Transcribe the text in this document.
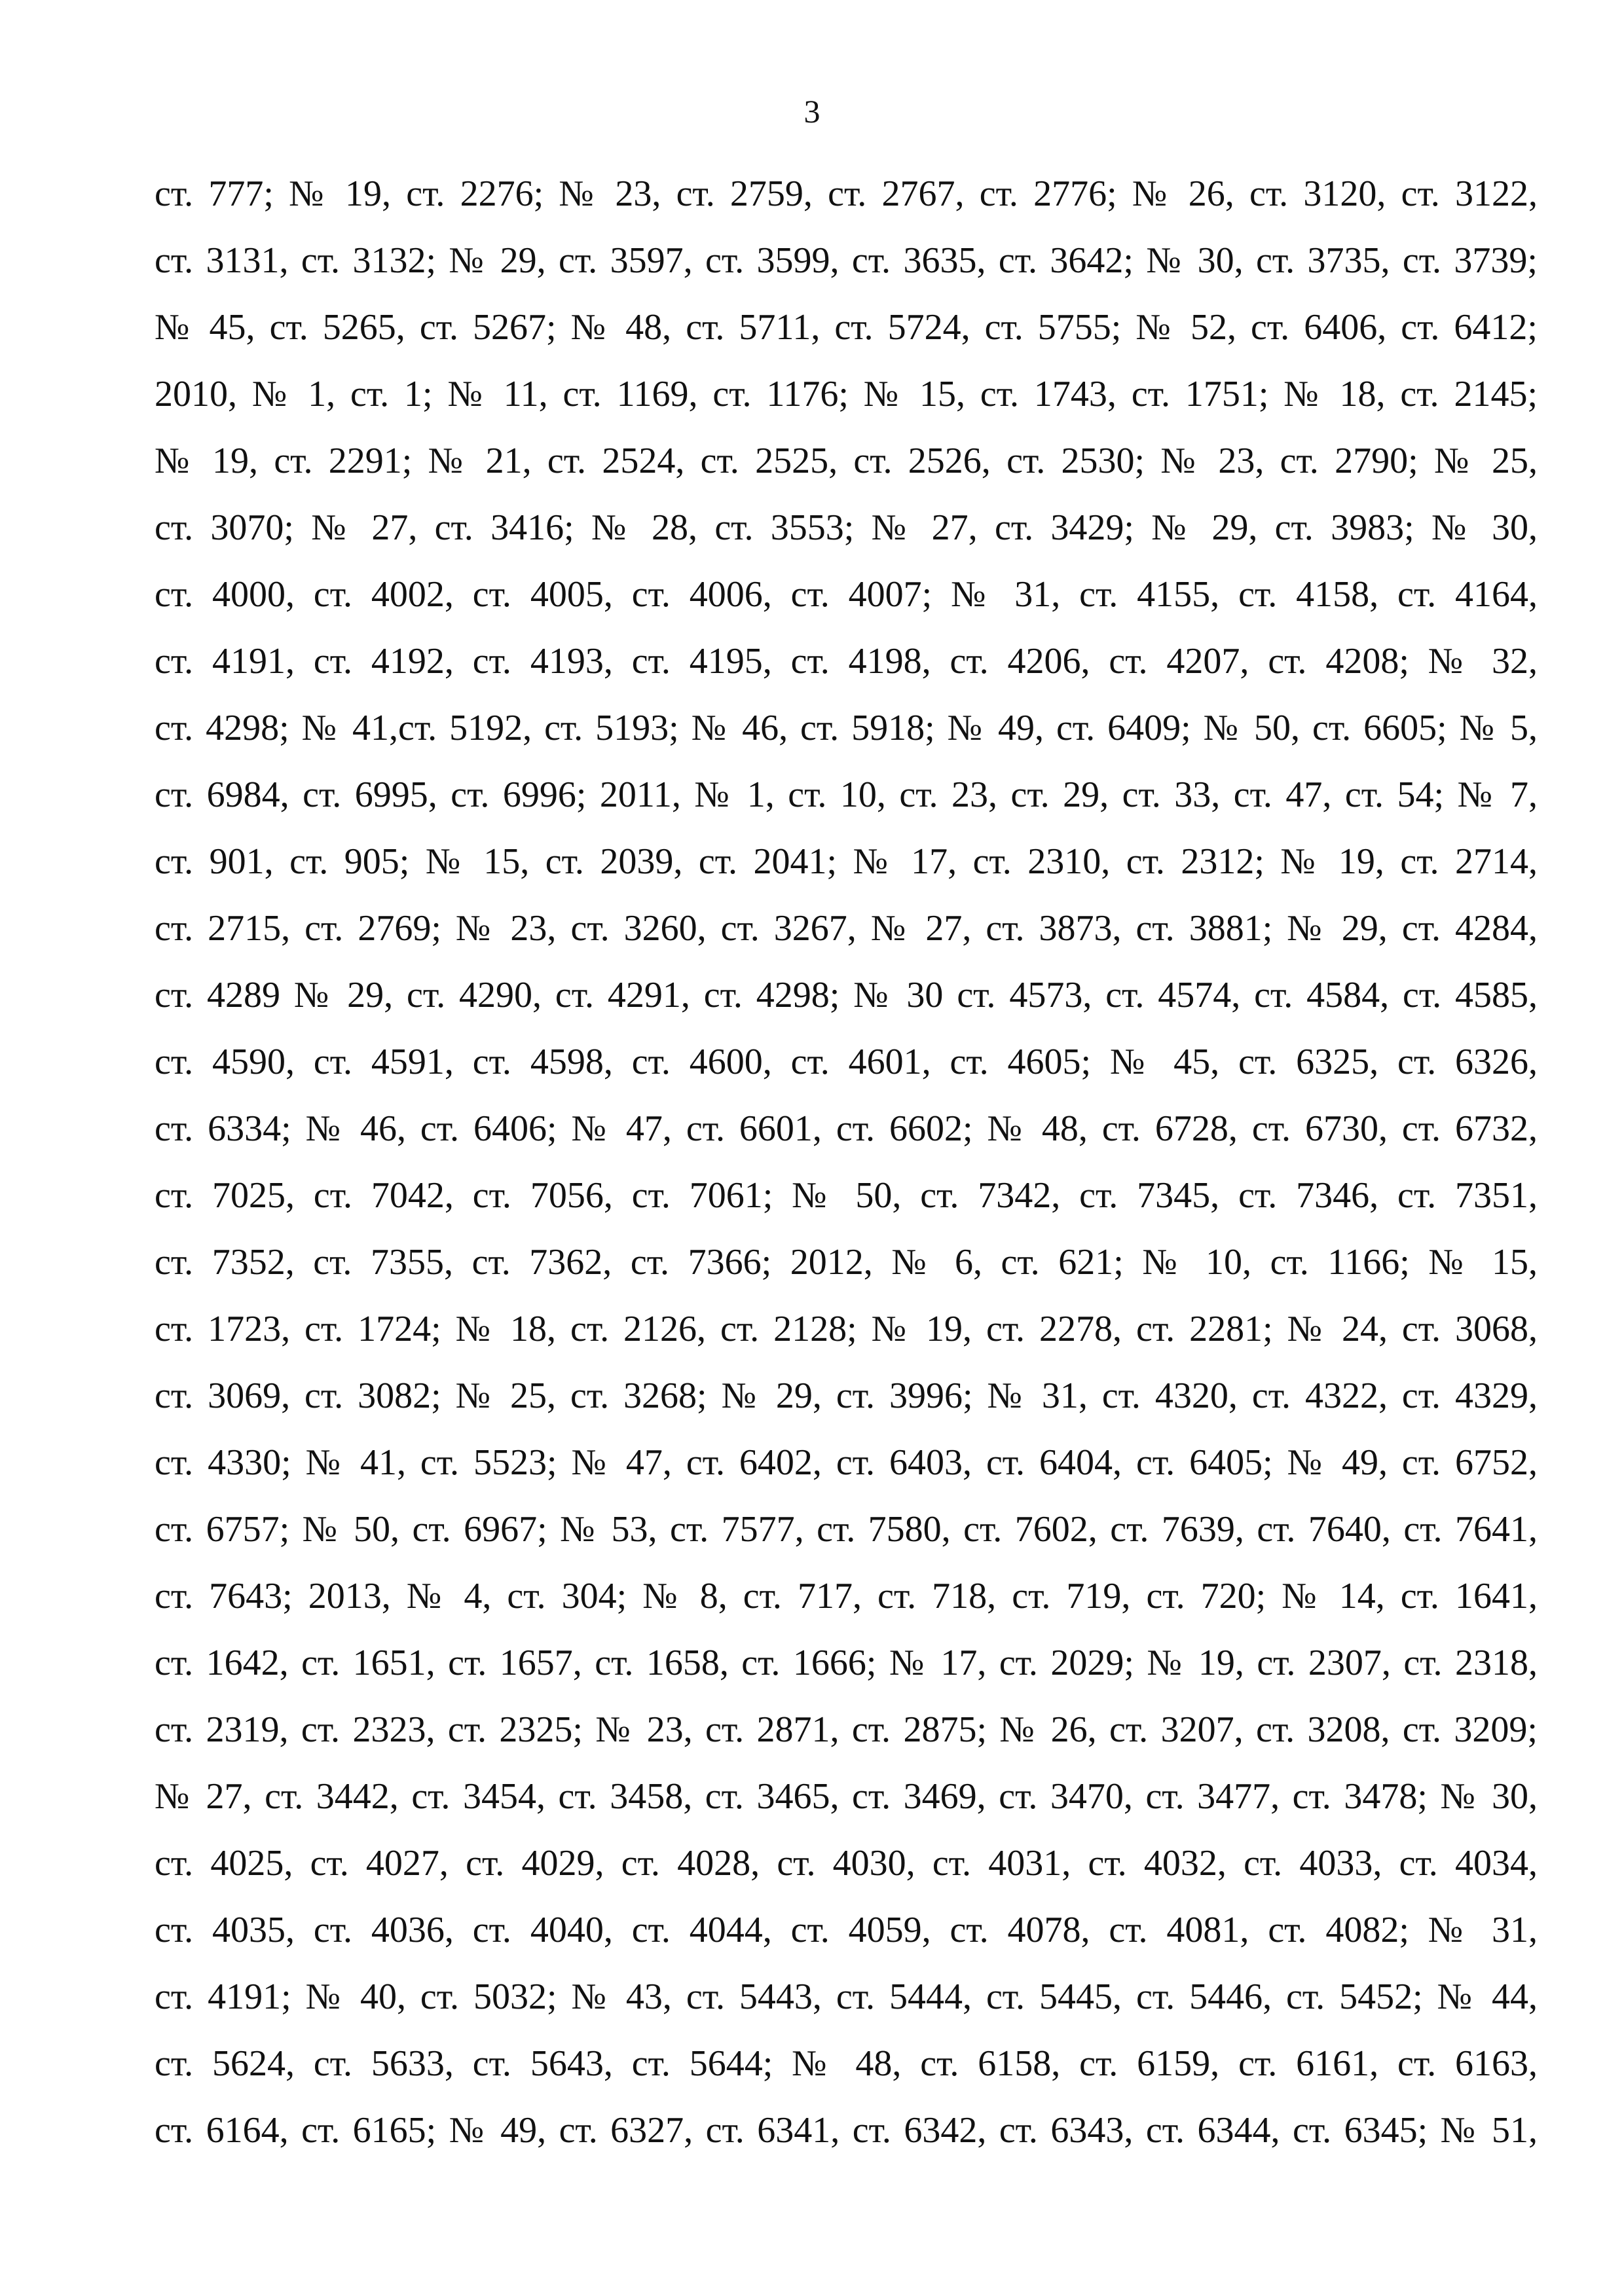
3
ст. 777; № 19, ст. 2276; № 23, ст. 2759, ст. 2767, ст. 2776; № 26, ст. 3120, ст. 3122,
ст. 3131, ст. 3132; № 29, ст. 3597, ст. 3599, ст. 3635, ст. 3642; № 30, ст. 3735, ст. 3739;
№ 45, ст. 5265, ст. 5267; № 48, ст. 5711, ст. 5724, ст. 5755; № 52, ст. 6406, ст. 6412;
2010, № 1, ст. 1; № 11, ст. 1169, ст. 1176; № 15, ст. 1743, ст. 1751; № 18, ст. 2145;
№ 19, ст. 2291; № 21, ст. 2524, ст. 2525, ст. 2526, ст. 2530; № 23, ст. 2790; № 25,
ст. 3070; № 27, ст. 3416; № 28, ст. 3553; № 27, ст. 3429; № 29, ст. 3983; № 30,
ст. 4000, ст. 4002, ст. 4005, ст. 4006, ст. 4007; № 31, ст. 4155, ст. 4158, ст. 4164,
ст. 4191, ст. 4192, ст. 4193, ст. 4195, ст. 4198, ст. 4206, ст. 4207, ст. 4208; № 32,
ст. 4298; № 41,ст. 5192, ст. 5193; № 46, ст. 5918; № 49, ст. 6409; № 50, ст. 6605; № 5,
ст. 6984, ст. 6995, ст. 6996; 2011, № 1, ст. 10, ст. 23, ст. 29, ст. 33, ст. 47, ст. 54; № 7,
ст. 901, ст. 905; № 15, ст. 2039, ст. 2041; № 17, ст. 2310, ст. 2312; № 19, ст. 2714,
ст. 2715, ст. 2769; № 23, ст. 3260, ст. 3267, № 27, ст. 3873, ст. 3881; № 29, ст. 4284,
ст. 4289 № 29, ст. 4290, ст. 4291, ст. 4298; № 30 ст. 4573, ст. 4574, ст. 4584, ст. 4585,
ст. 4590, ст. 4591, ст. 4598, ст. 4600, ст. 4601, ст. 4605; № 45, ст. 6325, ст. 6326,
ст. 6334; № 46, ст. 6406; № 47, ст. 6601, ст. 6602; № 48, ст. 6728, ст. 6730, ст. 6732,
ст. 7025, ст. 7042, ст. 7056, ст. 7061; № 50, ст. 7342, ст. 7345, ст. 7346, ст. 7351,
ст. 7352, ст. 7355, ст. 7362, ст. 7366; 2012, № 6, ст. 621; № 10, ст. 1166; № 15,
ст. 1723, ст. 1724; № 18, ст. 2126, ст. 2128; № 19, ст. 2278, ст. 2281; № 24, ст. 3068,
ст. 3069, ст. 3082; № 25, ст. 3268; № 29, ст. 3996; № 31, ст. 4320, ст. 4322, ст. 4329,
ст. 4330; № 41, ст. 5523; № 47, ст. 6402, ст. 6403, ст. 6404, ст. 6405; № 49, ст. 6752,
ст. 6757; № 50, ст. 6967; № 53, ст. 7577, ст. 7580, ст. 7602, ст. 7639, ст. 7640, ст. 7641,
ст. 7643; 2013, № 4, ст. 304; № 8, ст. 717, ст. 718, ст. 719, ст. 720; № 14, ст. 1641,
ст. 1642, ст. 1651, ст. 1657, ст. 1658, ст. 1666; № 17, ст. 2029; № 19, ст. 2307, ст. 2318,
ст. 2319, ст. 2323, ст. 2325; № 23, ст. 2871, ст. 2875; № 26, ст. 3207, ст. 3208, ст. 3209;
№ 27, ст. 3442, ст. 3454, ст. 3458, ст. 3465, ст. 3469, ст. 3470, ст. 3477, ст. 3478; № 30,
ст. 4025, ст. 4027, ст. 4029, ст. 4028, ст. 4030, ст. 4031, ст. 4032, ст. 4033, ст. 4034,
ст. 4035, ст. 4036, ст. 4040, ст. 4044, ст. 4059, ст. 4078, ст. 4081, ст. 4082; № 31,
ст. 4191; № 40, ст. 5032; № 43, ст. 5443, ст. 5444, ст. 5445, ст. 5446, ст. 5452; № 44,
ст. 5624, ст. 5633, ст. 5643, ст. 5644; № 48, ст. 6158, ст. 6159, ст. 6161, ст. 6163,
ст. 6164, ст. 6165; № 49, ст. 6327, ст. 6341, ст. 6342, ст. 6343, ст. 6344, ст. 6345; № 51,
